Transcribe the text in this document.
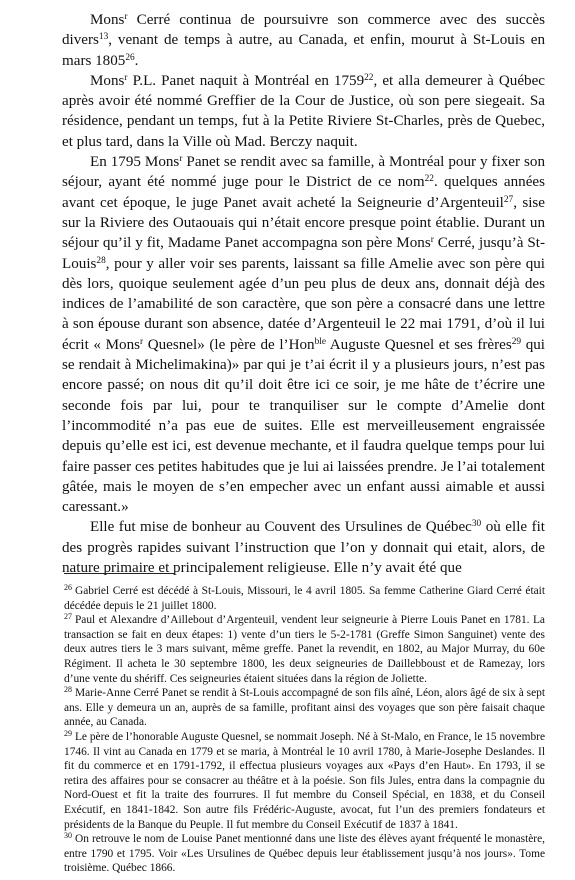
Mons$^r$ Cerré continua de poursuivre son commerce avec des succès divers$^{13}$, venant de temps à autre, au Canada, et enfin, mourut à St-Louis en mars 1805$^{26}$.

Mons$^r$ P.L. Panet naquit à Montréal en 1759$^{22}$, et alla demeurer à Québec après avoir été nommé Greffier de la Cour de Justice, où son pere siegeait. Sa résidence, pendant un temps, fut à la Petite Riviere St-Charles, près de Quebec, et plus tard, dans la Ville où Mad. Berczy naquit.

En 1795 Mons$^r$ Panet se rendit avec sa famille, à Montréal pour y fixer son séjour, ayant été nommé juge pour le District de ce nom$^{22}$. quelques années avant cet époque, le juge Panet avait acheté la Seigneurie d’Argenteuil$^{27}$, sise sur la Riviere des Outaouais qui n’était encore presque point établie. Durant un séjour qu’il y fit, Madame Panet accompagna son père Mons$^r$ Cerré, jusqu’à St-Louis$^{28}$, pour y aller voir ses parents, laissant sa fille Amelie avec son père qui dès lors, quoique seulement agée d’un peu plus de deux ans, donnait déjà des indices de l’amabilité de son caractère, que son père a consacré dans une lettre à son épouse durant son absence, datée d’Argenteuil le 22 mai 1791, d’où il lui écrit « Mons$^r$ Quesnel» (le père de l’Hon$^{ble}$ Auguste Quesnel et ses frères$^{29}$ qui se rendait à Michelimakina)» par qui je t’ai écrit il y a plusieurs jours, n’est pas encore passé; on nous dit qu’il doit être ici ce soir, je me hâte de t’écrire une seconde fois par lui, pour te tranquiliser sur le compte d’Amelie dont l’incommodité n’a pas eue de suites. Elle est merveilleusement engraissée depuis qu’elle est ici, est devenue mechante, et il faudra quelque temps pour lui faire passer ces petites habitudes que je lui ai laissées prendre. Je l’ai totalement gâtée, mais le moyen de s’en empecher avec un enfant aussi aimable et aussi caressant.»

Elle fut mise de bonheur au Couvent des Ursulines de Québec$^{30}$ où elle fit des progrès rapides suivant l’instruction que l’on y donnait qui etait, alors, de nature primaire et principalement religieuse. Elle n’y avait été que

$^{26}$ Gabriel Cerré est décédé à St-Louis, Missouri, le 4 avril 1805. Sa femme Catherine Giard Cerré était décédée depuis le 21 juillet 1800.

$^{27}$ Paul et Alexandre d’Aillebout d’Argenteuil, vendent leur seigneurie à Pierre Louis Panet en 1781. La transaction se fait en deux étapes: 1) vente d’un tiers le 5-2-1781 (Greffe Simon Sanguinet) vente des deux autres tiers le 3 mars suivant, même greffe. Panet la revendit, en 1802, au Major Murray, du 60e Régiment. Il acheta le 30 septembre 1800, les deux seigneuries de Daillebboust et de Ramezay, lors d’une vente du shériff. Ces seigneuries étaient situées dans la région de Joliette.

$^{28}$ Marie-Anne Cerré Panet se rendit à St-Louis accompagné de son fils aîné, Léon, alors âgé de six à sept ans. Elle y demeura un an, auprès de sa famille, profitant ainsi des voyages que son père faisait chaque année, au Canada.

$^{29}$ Le père de l’honorable Auguste Quesnel, se nommait Joseph. Né à St-Malo, en France, le 15 novembre 1746. Il vint au Canada en 1779 et se maria, à Montréal le 10 avril 1780, à Marie-Josephe Deslandes. Il fit du commerce et en 1791-1792, il effectua plusieurs voyages aux «Pays d’en Haut». En 1793, il se retira des affaires pour se consacrer au théâtre et à la poésie. Son fils Jules, entra dans la compagnie du Nord-Ouest et fit la traite des fourrures. Il fut membre du Conseil Spécial, en 1838, et du Conseil Exécutif, en 1841-1842. Son autre fils Frédéric-Auguste, avocat, fut l’un des premiers fondateurs et présidents de la Banque du Peuple. Il fut membre du Conseil Exécutif de 1837 à 1841.

$^{30}$ On retrouve le nom de Louise Panet mentionné dans une liste des élèves ayant fréquenté le monastère, entre 1790 et 1795. Voir «Les Ursulines de Québec depuis leur établissement jusqu’à nos jours». Tome troisième. Québec 1866.
